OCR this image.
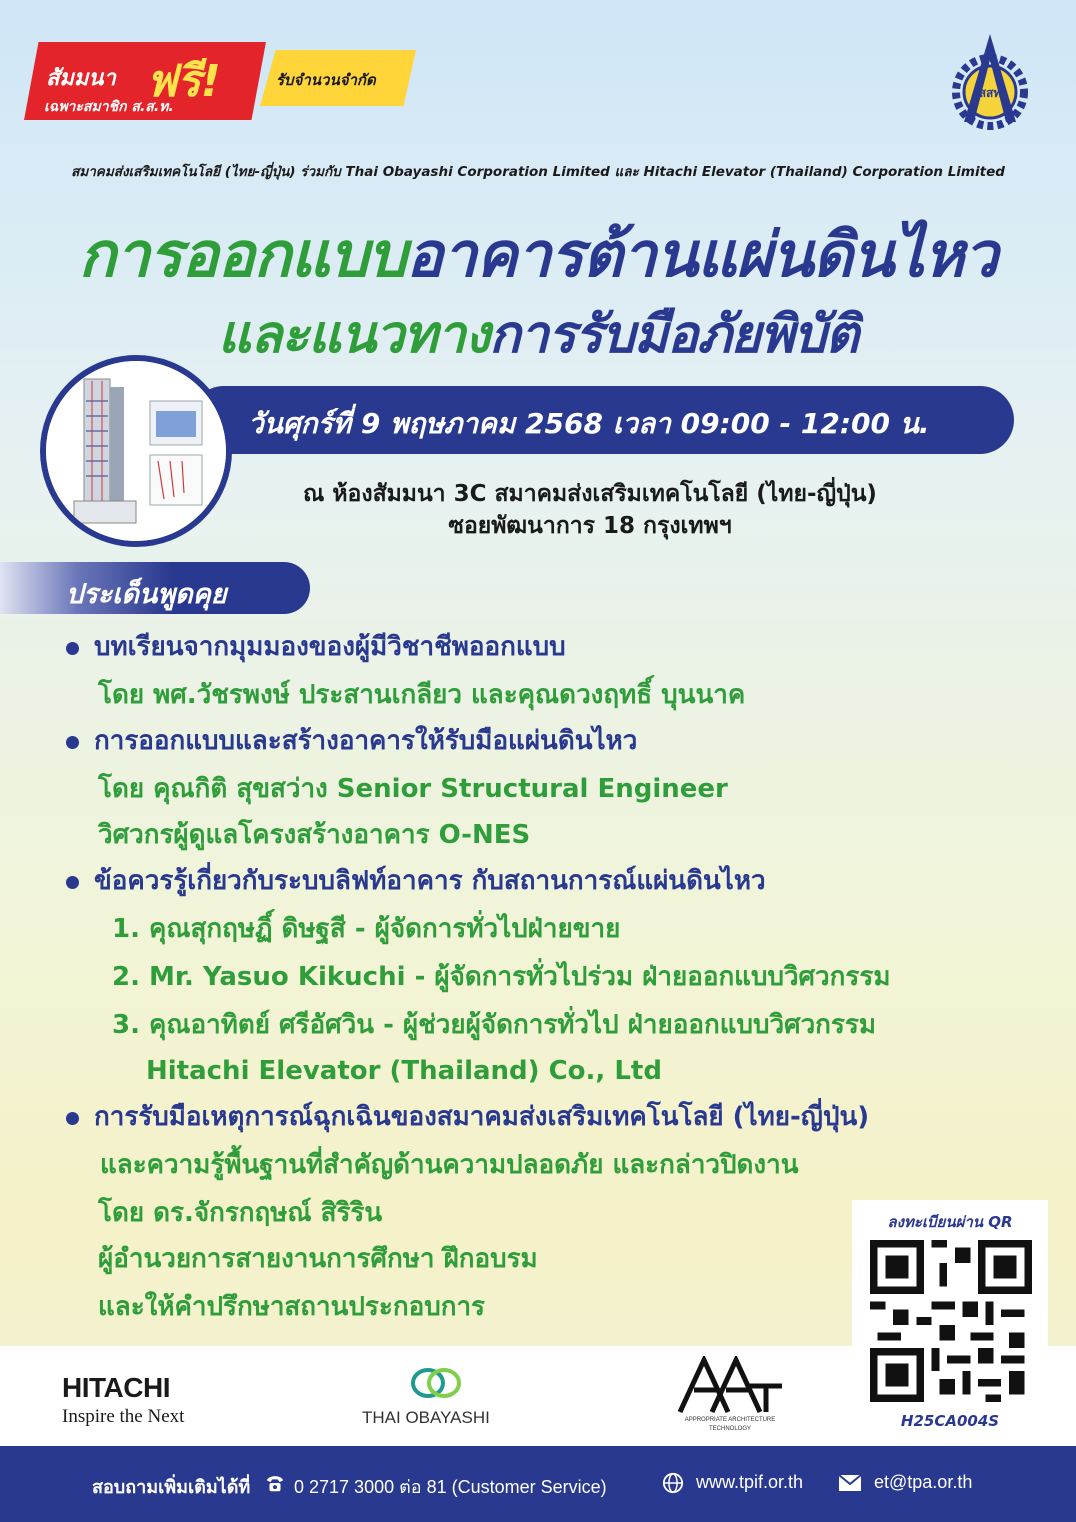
สัมมนา ฟรี!
เฉพาะสมาชิก ส.ส.ท.
รับจำนวนจำกัด
สสท
สมาคมส่งเสริมเทคโนโลยี (ไทย-ญี่ปุ่น) ร่วมกับ Thai Obayashi Corporation Limited และ Hitachi Elevator (Thailand) Corporation Limited
การออกแบบอาคารต้านแผ่นดินไหว
และแนวทางการรับมือภัยพิบัติ
วันศุกร์ที่ 9 พฤษภาคม 2568 เวลา 09:00 - 12:00 น.
ณ ห้องสัมมนา 3C สมาคมส่งเสริมเทคโนโลยี (ไทย-ญี่ปุ่น)
ซอยพัฒนาการ 18 กรุงเทพฯ
ประเด็นพูดคุย
บทเรียนจากมุมมองของผู้มีวิชาชีพออกแบบ
โดย พศ.วัชรพงษ์ ประสานเกลียว และคุณดวงฤทธิ์ บุนนาค
การออกแบบและสร้างอาคารให้รับมือแผ่นดินไหว
โดย คุณกิติ สุขสว่าง Senior Structural Engineer
วิศวกรผู้ดูแลโครงสร้างอาคาร O-NES
ข้อควรรู้เกี่ยวกับระบบลิฟท์อาคาร กับสถานการณ์แผ่นดินไหว
1. คุณสุกฤษฏิ์ ดิษฐสี - ผู้จัดการทั่วไปฝ่ายขาย
2. Mr. Yasuo Kikuchi - ผู้จัดการทั่วไปร่วม ฝ่ายออกแบบวิศวกรรม
3. คุณอาทิตย์ ศรีอัศวิน - ผู้ช่วยผู้จัดการทั่วไป ฝ่ายออกแบบวิศวกรรม
Hitachi Elevator (Thailand) Co., Ltd
การรับมือเหตุการณ์ฉุกเฉินของสมาคมส่งเสริมเทคโนโลยี (ไทย-ญี่ปุ่น)
และความรู้พื้นฐานที่สำคัญด้านความปลอดภัย และกล่าวปิดงาน
โดย ดร.จักรกฤษณ์ สิริริน
ผู้อำนวยการสายงานการศึกษา ฝึกอบรม
และให้คำปรึกษาสถานประกอบการ
HITACHI
Inspire the Next	THAI OBAYASHI	APPROPRIATE ARCHITECTURE
TECHNOLOGY
ลงทะเบียนผ่าน QR
H25CA004S
สอบถามเพิ่มเติมได้ที่ 0 2717 3000 ต่อ 81 (Customer Service)	www.tpif.or.th	et@tpa.or.th
